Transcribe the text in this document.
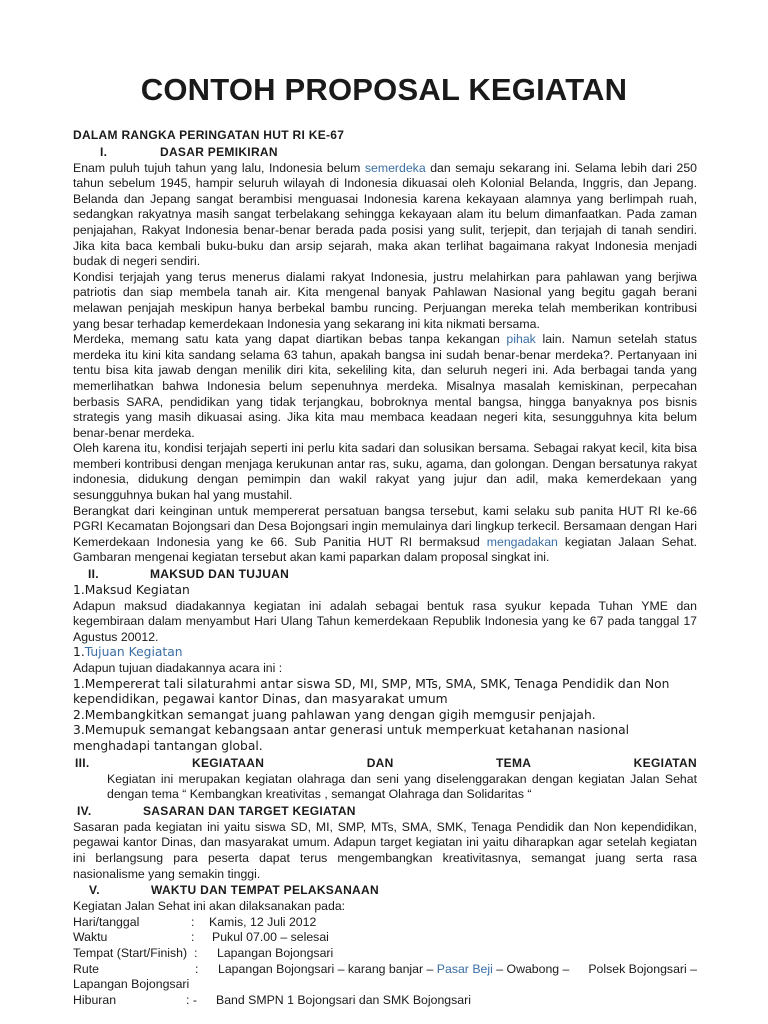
CONTOH PROPOSAL KEGIATAN
DALAM RANGKA PERINGATAN HUT RI KE-67
I.	DASAR PEMIKIRAN

Enam puluh tujuh tahun yang lalu, Indonesia belum semerdeka dan semaju sekarang ini. Selama lebih dari 250 tahun sebelum 1945, hampir seluruh wilayah di Indonesia dikuasai oleh Kolonial Belanda, Inggris, dan Jepang. Belanda dan Jepang sangat berambisi menguasai Indonesia karena kekayaan alamnya yang berlimpah ruah, sedangkan rakyatnya masih sangat terbelakang sehingga kekayaan alam itu belum dimanfaatkan. Pada zaman penjajahan, Rakyat Indonesia benar-benar berada pada posisi yang sulit, terjepit, dan terjajah di tanah sendiri. Jika kita baca kembali buku-buku dan arsip sejarah, maka akan terlihat bagaimana rakyat Indonesia menjadi budak di negeri sendiri.

Kondisi terjajah yang terus menerus dialami rakyat Indonesia, justru melahirkan para pahlawan yang berjiwa patriotis dan siap membela tanah air. Kita mengenal banyak Pahlawan Nasional yang begitu gagah berani melawan penjajah meskipun hanya berbekal bambu runcing. Perjuangan mereka telah memberikan kontribusi yang besar terhadap kemerdekaan Indonesia yang sekarang ini kita nikmati bersama.

Merdeka, memang satu kata yang dapat diartikan bebas tanpa kekangan pihak lain. Namun setelah status merdeka itu kini kita sandang selama 63 tahun, apakah bangsa ini sudah benar-benar merdeka?. Pertanyaan ini tentu bisa kita jawab dengan menilik diri kita, sekeliling kita, dan seluruh negeri ini. Ada berbagai tanda yang memerlihatkan bahwa Indonesia belum sepenuhnya merdeka. Misalnya masalah kemiskinan, perpecahan berbasis SARA, pendidikan yang tidak terjangkau, bobroknya mental bangsa, hingga banyaknya pos bisnis strategis yang masih dikuasai asing. Jika kita mau membaca keadaan negeri kita, sesungguhnya kita belum benar-benar merdeka.

Oleh karena itu, kondisi terjajah seperti ini perlu kita sadari dan solusikan bersama. Sebagai rakyat kecil, kita bisa memberi kontribusi dengan menjaga kerukunan antar ras, suku, agama, dan golongan. Dengan bersatunya rakyat indonesia, didukung dengan pemimpin dan wakil rakyat yang jujur dan adil, maka kemerdekaan yang sesungguhnya bukan hal yang mustahil.

Berangkat dari keinginan untuk mempererat persatuan bangsa tersebut, kami selaku sub panita HUT RI ke-66 PGRI Kecamatan Bojongsari dan Desa Bojongsari ingin memulainya dari lingkup terkecil. Bersamaan dengan Hari Kemerdekaan Indonesia yang ke 66. Sub Panitia HUT RI bermaksud mengadakan kegiatan Jalaan Sehat. Gambaran mengenai kegiatan tersebut akan kami paparkan dalam proposal singkat ini.

II.	MAKSUD DAN TUJUAN
1.Maksud Kegiatan

Adapun maksud diadakannya kegiatan ini adalah sebagai bentuk rasa syukur kepada Tuhan YME dan kegembiraan dalam menyambut Hari Ulang Tahun kemerdekaan Republik Indonesia yang ke 67 pada tanggal 17 Agustus 20012.

1.Tujuan Kegiatan

Adapun tujuan diadakannya acara ini :

1.Mempererat tali silaturahmi antar siswa SD, MI, SMP, MTs, SMA, SMK, Tenaga Pendidik dan Non kependidikan, pegawai kantor Dinas, dan masyarakat umum
2.Membangkitkan semangat juang pahlawan yang dengan gigih memgusir penjajah.
3.Memupuk semangat kebangsaan antar generasi untuk memperkuat ketahanan nasional menghadapi tantangan global.
III.	KEGIATAAN	DAN	TEMA	KEGIATAN

Kegiatan ini merupakan kegiatan olahraga dan seni yang diselenggarakan dengan kegiatan Jalan Sehat dengan tema “ Kembangkan kreativitas , semangat Olahraga dan Solidaritas “

IV.	SASARAN DAN TARGET KEGIATAN

Sasaran pada kegiatan ini yaitu siswa SD, MI, SMP, MTs, SMA, SMK, Tenaga Pendidik dan Non kependidikan, pegawai kantor Dinas, dan masyarakat umum. Adapun target kegiatan ini yaitu diharapkan agar setelah kegiatan ini berlangsung para peserta dapat terus mengembangkan kreativitasnya, semangat juang serta rasa nasionalisme yang semakin tinggi.

V.	WAKTU DAN TEMPAT PELAKSANAAN

Kegiatan Jalan Sehat ini akan dilaksanakan pada:

Hari/tanggal	:	Kamis, 12 Juli 2012
Waktu	:	Pukul 07.00 – selesai
Tempat (Start/Finish) :	Lapangan Bojongsari
Rute	:	Lapangan Bojongsari – karang banjar – Pasar Beji – Owabong – Polsek Bojongsari –
Lapangan Bojongsari
Hiburan	: -	Band SMPN 1 Bojongsari dan SMK Bojongsari
